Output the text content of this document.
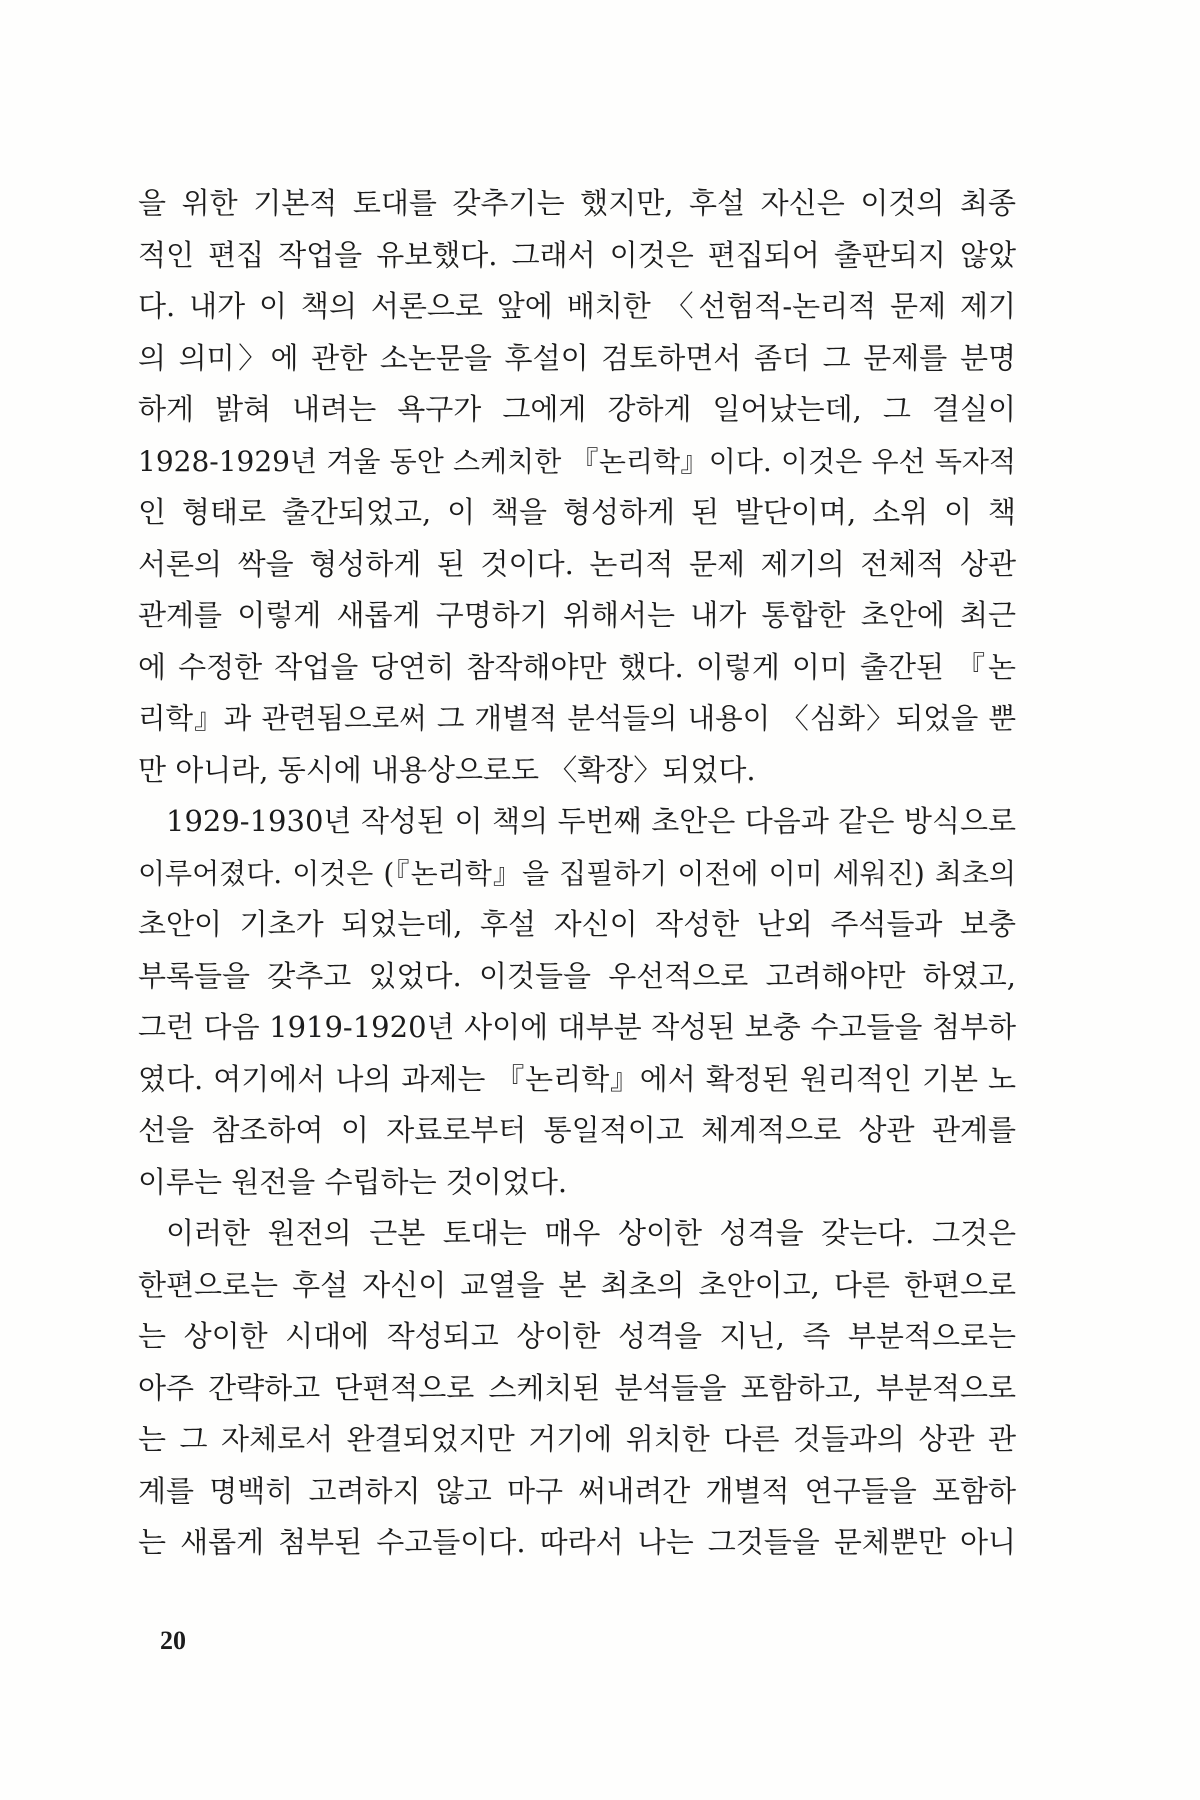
을 위한 기본적 토대를 갖추기는 했지만, 후설 자신은 이것의 최종
적인 편집 작업을 유보했다. 그래서 이것은 편집되어 출판되지 않았
다. 내가 이 책의 서론으로 앞에 배치한 〈선험적-논리적 문제 제기
의 의미〉에 관한 소논문을 후설이 검토하면서 좀더 그 문제를 분명
하게 밝혀 내려는 욕구가 그에게 강하게 일어났는데, 그 결실이
1928-1929년 겨울 동안 스케치한 『논리학』이다. 이것은 우선 독자적
인 형태로 출간되었고, 이 책을 형성하게 된 발단이며, 소위 이 책
서론의 싹을 형성하게 된 것이다. 논리적 문제 제기의 전체적 상관
관계를 이렇게 새롭게 구명하기 위해서는 내가 통합한 초안에 최근
에 수정한 작업을 당연히 참작해야만 했다. 이렇게 이미 출간된 『논
리학』과 관련됨으로써 그 개별적 분석들의 내용이 〈심화〉되었을 뿐
만 아니라, 동시에 내용상으로도 〈확장〉되었다.
1929-1930년 작성된 이 책의 두번째 초안은 다음과 같은 방식으로
이루어졌다. 이것은 (『논리학』을 집필하기 이전에 이미 세워진) 최초의
초안이 기초가 되었는데, 후설 자신이 작성한 난외 주석들과 보충
부록들을 갖추고 있었다. 이것들을 우선적으로 고려해야만 하였고,
그런 다음 1919-1920년 사이에 대부분 작성된 보충 수고들을 첨부하
였다. 여기에서 나의 과제는 『논리학』에서 확정된 원리적인 기본 노
선을 참조하여 이 자료로부터 통일적이고 체계적으로 상관 관계를
이루는 원전을 수립하는 것이었다.
이러한 원전의 근본 토대는 매우 상이한 성격을 갖는다. 그것은
한편으로는 후설 자신이 교열을 본 최초의 초안이고, 다른 한편으로
는 상이한 시대에 작성되고 상이한 성격을 지닌, 즉 부분적으로는
아주 간략하고 단편적으로 스케치된 분석들을 포함하고, 부분적으로
는 그 자체로서 완결되었지만 거기에 위치한 다른 것들과의 상관 관
계를 명백히 고려하지 않고 마구 써내려간 개별적 연구들을 포함하
는 새롭게 첨부된 수고들이다. 따라서 나는 그것들을 문체뿐만 아니
20
